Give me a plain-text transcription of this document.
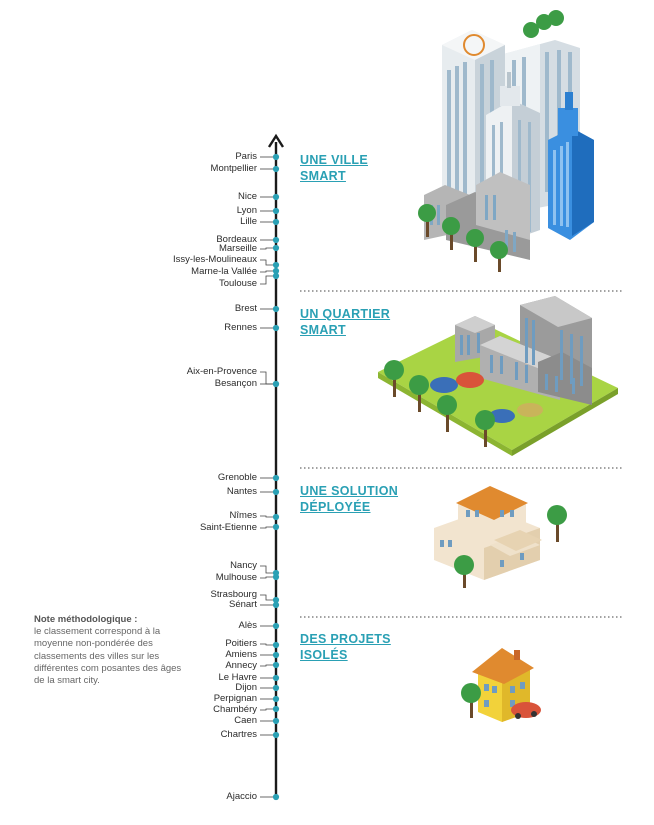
Paris
Montpellier
Nice
Lyon
Lille
Bordeaux
Marseille
Issy-les-Moulineaux
Marne-la Vallée
Toulouse
Brest
Rennes
Aix-en-Provence
Besançon
Grenoble
Nantes
Nîmes
Saint-Etienne
Nancy
Mulhouse
Strasbourg
Sénart
Alès
Poitiers
Amiens
Annecy
Le Havre
Dijon
Perpignan
Chambéry
Caen
Chartres
Ajaccio
UNE VILLE
SMART
UN QUARTIER
SMART
UNE SOLUTION
DÉPLOYÉE
DES PROJETS
ISOLÉS
Note méthodologique :
le classement correspond à la moyenne non-pondérée des classements des villes sur les différentes com posantes des âges de la smart city.
